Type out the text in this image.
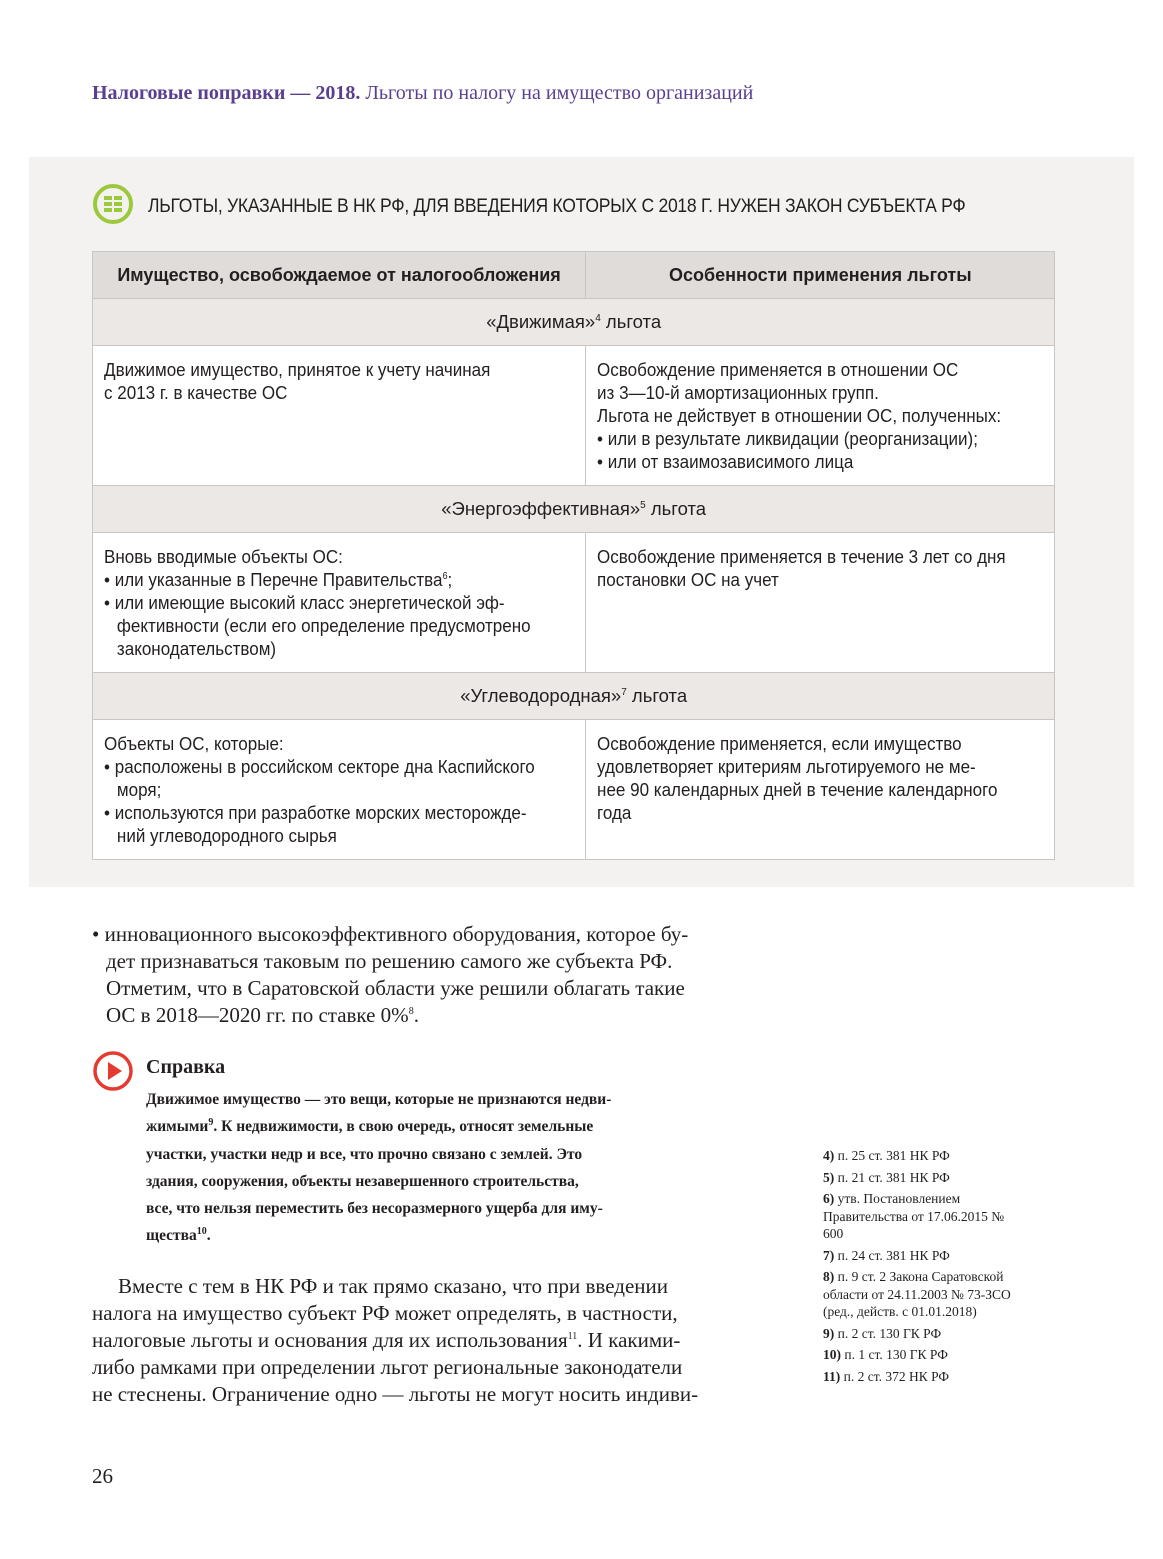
Налоговые поправки — 2018. Льготы по налогу на имущество организаций
ЛЬГОТЫ, УКАЗАННЫЕ В НК РФ, ДЛЯ ВВЕДЕНИЯ КОТОРЫХ С 2018 Г. НУЖЕН ЗАКОН СУБЪЕКТА РФ
Имущество, освобождаемое от налогообложения	Особенности применения льготы
«Движимая»$^4$ льгота	

Движимое имущество, принятое к учету начиная
с 2013 г. в качестве ОС	Освобождение применяется в отношении ОС
из 3—10-й амортизационных групп.
Льгота не действует в отношении ОС, полученных:
• или в результате ликвидации (реорганизации);
• или от взаимозависимого лица

«Энергоэффективная»$^5$ льгота	

Вновь вводимые объекты ОС:
• или указанные в Перечне Правительства$^6$;
• или имеющие высокий класс энергетической эф-
фективности (если его определение предусмотрено
законодательством)	Освобождение применяется в течение 3 лет со дня
постановки ОС на учет

«Углеводородная»$^7$ льгота	

Объекты ОС, которые:
• расположены в российском секторе дна Каспийского
моря;
• используются при разработке морских месторожде-
ний углеводородного сырья	Освобождение применяется, если имущество
удовлетворяет критериям льготируемого не ме-
нее 90 календарных дней в течение календарного
года
• инновационного высокоэффективного оборудования, которое бу-
дет признаваться таковым по решению самого же субъекта РФ.
Отметим, что в Саратовской области уже решили облагать такие
ОС в 2018—2020 гг. по ставке 0%$^8$.
Справка
Движимое имущество — это вещи, которые не признаются недви-
жимыми$^9$. К недвижимости, в свою очередь, относят земельные
участки, участки недр и все, что прочно связано с землей. Это
здания, сооружения, объекты незавершенного строительства,
все, что нельзя переместить без несоразмерного ущерба для иму-
щества$^{10}$.
Вместе с тем в НК РФ и так прямо сказано, что при введении
налога на имущество субъект РФ может определять, в частности,
налоговые льготы и основания для их использования$^{11}$. И какими-
либо рамками при определении льгот региональные законодатели
не стеснены. Ограничение одно — льготы не могут носить индиви-
4) п. 25 ст. 381 НК РФ
5) п. 21 ст. 381 НК РФ
6) утв. Постановлением Правительства от 17.06.2015 № 600
7) п. 24 ст. 381 НК РФ
8) п. 9 ст. 2 Закона Саратовской области от 24.11.2003 № 73-ЗСО (ред., действ. с 01.01.2018)
9) п. 2 ст. 130 ГК РФ
10) п. 1 ст. 130 ГК РФ
11) п. 2 ст. 372 НК РФ
26
